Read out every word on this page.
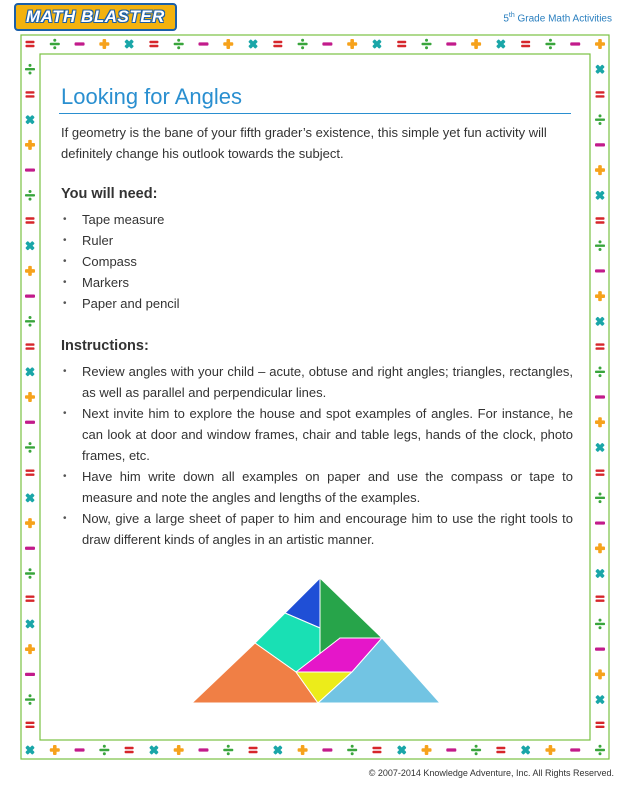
MATH BLASTER	5th Grade Math Activities
Looking for Angles

If geometry is the bane of your fifth grader’s existence, this simple yet fun activity will definitely change his outlook towards the subject.

You will need:
• Tape measure
• Ruler
• Compass
• Markers
• Paper and pencil
Instructions:
• Review angles with your child – acute, obtuse and right angles; triangles, rectangles, as well as parallel and perpendicular lines.
• Next invite him to explore the house and spot examples of angles. For instance, he can look at door and window frames, chair and table legs, hands of the clock, photo frames, etc.
• Have him write down all examples on paper and use the compass or tape to measure and note the angles and lengths of the examples.
• Now, give a large sheet of paper to him and encourage him to use the right tools to draw different kinds of angles in an artistic manner.
© 2007-2014 Knowledge Adventure, Inc. All Rights Reserved.
